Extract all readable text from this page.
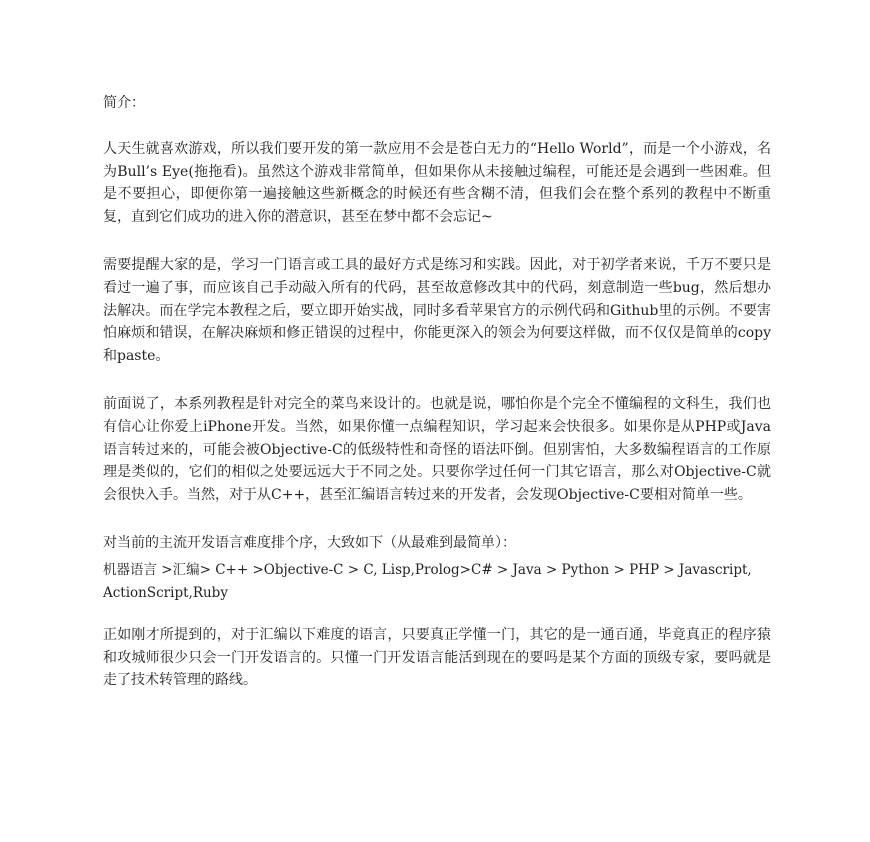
简介：

人天生就喜欢游戏，所以我们要开发的第一款应用不会是苍白无力的“Hello World”，而是一个小游戏，名为Bull’s Eye(拖拖看)。虽然这个游戏非常简单，但如果你从未接触过编程，可能还是会遇到一些困难。但是不要担心，即便你第一遍接触这些新概念的时候还有些含糊不清，但我们会在整个系列的教程中不断重复，直到它们成功的进入你的潜意识，甚至在梦中都不会忘记~

需要提醒大家的是，学习一门语言或工具的最好方式是练习和实践。因此，对于初学者来说，千万不要只是看过一遍了事，而应该自己手动敲入所有的代码，甚至故意修改其中的代码，刻意制造一些bug，然后想办法解决。而在学完本教程之后，要立即开始实战，同时多看苹果官方的示例代码和Github里的示例。不要害怕麻烦和错误，在解决麻烦和修正错误的过程中，你能更深入的领会为何要这样做，而不仅仅是简单的copy和paste。

前面说了，本系列教程是针对完全的菜鸟来设计的。也就是说，哪怕你是个完全不懂编程的文科生，我们也有信心让你爱上iPhone开发。当然，如果你懂一点编程知识，学习起来会快很多。如果你是从PHP或Java语言转过来的，可能会被Objective-C的低级特性和奇怪的语法吓倒。但别害怕，大多数编程语言的工作原理是类似的，它们的相似之处要远远大于不同之处。只要你学过任何一门其它语言，那么对Objective-C就会很快入手。当然，对于从C++，甚至汇编语言转过来的开发者，会发现Objective-C要相对简单一些。

对当前的主流开发语言难度排个序，大致如下（从最难到最简单）：

机器语言 >汇编> C++ >Objective-C > C, Lisp,Prolog>C# > Java > Python > PHP > Javascript, ActionScript,Ruby

正如刚才所提到的，对于汇编以下难度的语言，只要真正学懂一门，其它的是一通百通，毕竟真正的程序猿和攻城师很少只会一门开发语言的。只懂一门开发语言能活到现在的要吗是某个方面的顶级专家，要吗就是走了技术转管理的路线。
